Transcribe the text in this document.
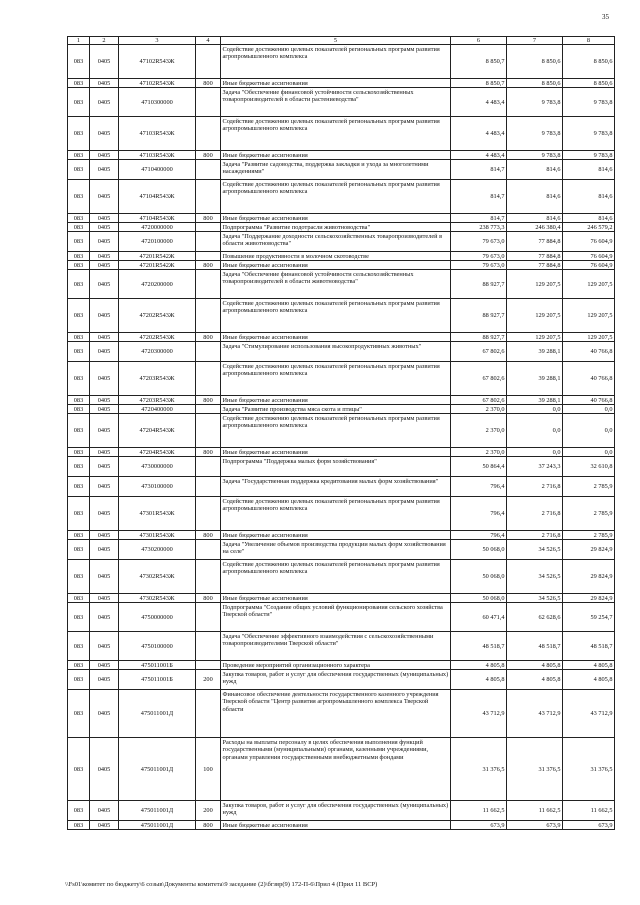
35
1	2	3	4	5	6	7	8
083	0405	47102R543Ж		Содействие достижению целевых показателей региональных программ развития агропромышленного комплекса	8 850,7	8 850,6	8 850,6
083	0405	47102R543Ж	800	Иные бюджетные ассигнования	8 850,7	8 850,6	8 850,6
083	0405	4710300000		Задача "Обеспечение финансовой устойчивости сельскохозяйственных товаропроизводителей в области растениеводства"	4 483,4	9 783,8	9 783,8
083	0405	47103R543Ж		Содействие достижению целевых показателей региональных программ развития агропромышленного комплекса	4 483,4	9 783,8	9 783,8
083	0405	47103R543Ж	800	Иные бюджетные ассигнования	4 483,4	9 783,8	9 783,8
083	0405	4710400000		Задача "Развитие садоводства, поддержка закладки и ухода за многолетними насаждениями"	814,7	814,6	814,6
083	0405	47104R543Ж		Содействие достижению целевых показателей региональных программ развития агропромышленного комплекса	814,7	814,6	814,6
083	0405	47104R543Ж	800	Иные бюджетные ассигнования	814,7	814,6	814,6
083	0405	4720000000		Подпрограмма "Развитие подотрасли животноводства"	238 773,3	246 380,4	246 579,2
083	0405	4720100000		Задача "Поддержание доходности сельскохозяйственных товаропроизводителей в области животноводства"	79 673,0	77 884,8	76 604,9
083	0405	47201R542Ж		Повышение продуктивности в молочном скотоводстве	79 673,0	77 884,8	76 604,9
083	0405	47201R542Ж	800	Иные бюджетные ассигнования	79 673,0	77 884,8	76 604,9
083	0405	4720200000		Задача "Обеспечение финансовой устойчивости сельскохозяйственных товаропроизводителей в области животноводства"	88 927,7	129 207,5	129 207,5
083	0405	47202R543Ж		Содействие достижению целевых показателей региональных программ развития агропромышленного комплекса	88 927,7	129 207,5	129 207,5
083	0405	47202R543Ж	800	Иные бюджетные ассигнования	88 927,7	129 207,5	129 207,5
083	0405	4720300000		Задача "Стимулирование использования высокопродуктивных животных"	67 802,6	39 288,1	40 766,8
083	0405	47203R543Ж		Содействие достижению целевых показателей региональных программ развития агропромышленного комплекса	67 802,6	39 288,1	40 766,8
083	0405	47203R543Ж	800	Иные бюджетные ассигнования	67 802,6	39 288,1	40 766,8
083	0405	4720400000		Задача "Развитие производства мяса скота и птицы"	2 370,0	0,0	0,0
083	0405	47204R543Ж		Содействие достижению целевых показателей региональных программ развития агропромышленного комплекса	2 370,0	0,0	0,0
083	0405	47204R543Ж	800	Иные бюджетные ассигнования	2 370,0	0,0	0,0
083	0405	4730000000		Подпрограмма "Поддержка малых форм хозяйствования"	50 864,4	37 243,3	32 610,8
083	0405	4730100000		Задача "Государственная поддержка кредитования малых форм хозяйствования"	796,4	2 716,8	2 785,9
083	0405	47301R543Ж		Содействие достижению целевых показателей региональных программ развития агропромышленного комплекса	796,4	2 716,8	2 785,9
083	0405	47301R543Ж	800	Иные бюджетные ассигнования	796,4	2 716,8	2 785,9
083	0405	4730200000		Задача "Увеличение объемов производства продукции малых форм хозяйствования на селе"	50 068,0	34 526,5	29 824,9
083	0405	47302R543Ж		Содействие достижению целевых показателей региональных программ развития агропромышленного комплекса	50 068,0	34 526,5	29 824,9
083	0405	47302R543Ж	800	Иные бюджетные ассигнования	50 068,0	34 526,5	29 824,9
083	0405	4750000000		Подпрограмма "Создание общих условий функционирования сельского хозяйства Тверской области"	60 471,4	62 628,6	59 254,7
083	0405	4750100000		Задача "Обеспечение эффективного взаимодействия с сельскохозяйственными товаропроизводителями Тверской области"	48 518,7	48 518,7	48 518,7
083	0405	475011001Б		Проведение мероприятий организационного характера	4 805,8	4 805,8	4 805,8
083	0405	475011001Б	200	Закупка товаров, работ и услуг для обеспечения государственных (муниципальных) нужд	4 805,8	4 805,8	4 805,8
083	0405	475011001Д		Финансовое обеспечение деятельности государственного казенного учреждения Тверской области "Центр развития агропромышленного комплекса Тверской области	43 712,9	43 712,9	43 712,9
083	0405	475011001Д	100	Расходы на выплаты персоналу в целях обеспечения выполнения функций государственными (муниципальными) органами, казенными учреждениями, органами управления государственными внебюджетными фондами	31 376,5	31 376,5	31 376,5
083	0405	475011001Д	200	Закупка товаров, работ и услуг для обеспечения государственных (муниципальных) нужд	11 662,5	11 662,5	11 662,5
083	0405	475011001Д	800	Иные бюджетные ассигнования	673,9	673,9	673,9
\\Fs01\комитет по бюджету\6 созыв\Документы комитета\9 заседание (2)\бгзвр(9) 172-П-6\Прил 4 (Прил 11 ВСР)
